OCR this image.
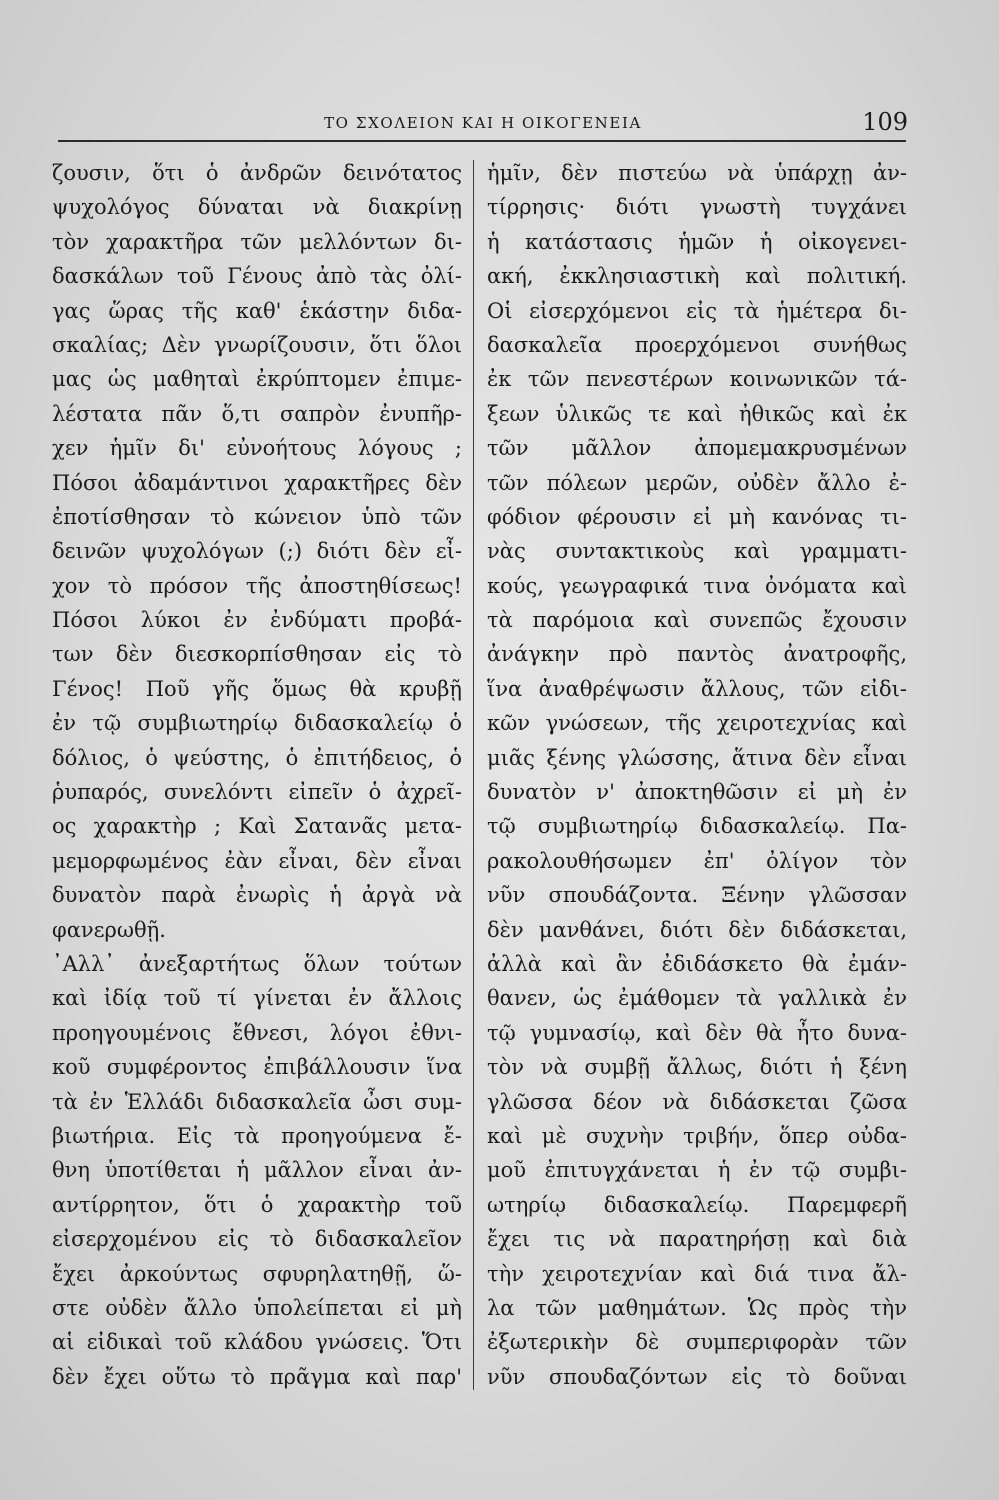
ΤΟ ΣΧΟΛΕΙΟΝ ΚΑΙ Η ΟΙΚΟΓΕΝΕΙΑ	109
ζουσιν, ὅτι ὁ ἀνδρῶν δεινότατος
ψυχολόγος δύναται νὰ διακρίνῃ
τὸν χαρακτῆρα τῶν μελλόντων δι-
δασκάλων τοῦ Γένους ἀπὸ τὰς ὀλί-
γας ὥρας τῆς καθ' ἑκάστην διδα-
σκαλίας; Δὲν γνωρίζουσιν, ὅτι ὅλοι
μας ὡς μαθηταὶ ἐκρύπτομεν ἐπιμε-
λέστατα πᾶν ὅ,τι σαπρὸν ἐνυπῆρ-
χεν ἡμῖν δι' εὐνοήτους λόγους ;
Πόσοι ἀδαμάντινοι χαρακτῆρες δὲν
ἐποτίσθησαν τὸ κώνειον ὑπὸ τῶν
δεινῶν ψυχολόγων (;) διότι δὲν εἶ-
χον τὸ πρόσον τῆς ἀποστηθίσεως!
Πόσοι λύκοι ἐν ἐνδύματι προβά-
των δὲν διεσκορπίσθησαν εἰς τὸ
Γένος! Ποῦ γῆς ὅμως θὰ κρυβῇ
ἐν τῷ συμβιωτηρίῳ διδασκαλείῳ ὁ
δόλιος, ὁ ψεύστης, ὁ ἐπιτήδειος, ὁ
ῥυπαρός, συνελόντι εἰπεῖν ὁ ἀχρεῖ-
ος χαρακτὴρ ; Καὶ Σατανᾶς μετα-
μεμορφωμένος ἐὰν εἶναι, δὲν εἶναι
δυνατὸν παρὰ ἐνωρὶς ἡ ἀργὰ νὰ
φανερωθῇ.
᾿Αλλ᾿ ἀνεξαρτήτως ὅλων τούτων
καὶ ἰδίᾳ τοῦ τί γίνεται ἐν ἄλλοις
προηγουμένοις ἔθνεσι, λόγοι ἐθνι-
κοῦ συμφέροντος ἐπιβάλλουσιν ἵνα
τὰ ἐν Ἑλλάδι διδασκαλεῖα ὦσι συμ-
βιωτήρια. Εἰς τὰ προηγούμενα ἔ-
θνη ὑποτίθεται ἡ μᾶλλον εἶναι ἀν-
αντίρρητον, ὅτι ὁ χαρακτὴρ τοῦ
εἰσερχομένου εἰς τὸ διδασκαλεῖον
ἔχει ἀρκούντως σφυρηλατηθῇ, ὥ-
στε οὐδὲν ἄλλο ὑπολείπεται εἰ μὴ
αἱ εἰδικαὶ τοῦ κλάδου γνώσεις. Ὅτι
δὲν ἔχει οὕτω τὸ πρᾶγμα καὶ παρ'
ἡμῖν, δὲν πιστεύω νὰ ὑπάρχῃ ἀν-
τίρρησις· διότι γνωστὴ τυγχάνει
ἡ κατάστασις ἡμῶν ἡ οἰκογενει-
ακή, ἐκκλησιαστικὴ καὶ πολιτική.
Οἱ εἰσερχόμενοι εἰς τὰ ἡμέτερα δι-
δασκαλεῖα προερχόμενοι συνήθως
ἐκ τῶν πενεστέρων κοινωνικῶν τά-
ξεων ὑλικῶς τε καὶ ἠθικῶς καὶ ἐκ
τῶν μᾶλλον ἀπομεμακρυσμένων
τῶν πόλεων μερῶν, οὐδὲν ἄλλο ἐ-
φόδιον φέρουσιν εἰ μὴ κανόνας τι-
νὰς συντακτικοὺς καὶ γραμματι-
κούς, γεωγραφικά τινα ὀνόματα καὶ
τὰ παρόμοια καὶ συνεπῶς ἔχουσιν
ἀνάγκην πρὸ παντὸς ἀνατροφῆς,
ἵνα ἀναθρέψωσιν ἄλλους, τῶν εἰδι-
κῶν γνώσεων, τῆς χειροτεχνίας καὶ
μιᾶς ξένης γλώσσης, ἅτινα δὲν εἶναι
δυνατὸν ν' ἀποκτηθῶσιν εἰ μὴ ἐν
τῷ συμβιωτηρίῳ διδασκαλείῳ. Πα-
ρακολουθήσωμεν ἐπ' ὀλίγον τὸν
νῦν σπουδάζοντα. Ξένην γλῶσσαν
δὲν μανθάνει, διότι δὲν διδάσκεται,
ἀλλὰ καὶ ἂν ἐδιδάσκετο θὰ ἐμάν-
θανεν, ὡς ἐμάθομεν τὰ γαλλικὰ ἐν
τῷ γυμνασίῳ, καὶ δὲν θὰ ἦτο δυνα-
τὸν νὰ συμβῇ ἄλλως, διότι ἡ ξένη
γλῶσσα δέον νὰ διδάσκεται ζῶσα
καὶ μὲ συχνὴν τριβήν, ὅπερ οὐδα-
μοῦ ἐπιτυγχάνεται ἡ ἐν τῷ συμβι-
ωτηρίῳ διδασκαλείῳ. Παρεμφερῆ
ἔχει τις νὰ παρατηρήσῃ καὶ διὰ
τὴν χειροτεχνίαν καὶ διά τινα ἄλ-
λα τῶν μαθημάτων. Ὡς πρὸς τὴν
ἐξωτερικὴν δὲ συμπεριφορὰν τῶν
νῦν σπουδαζόντων εἰς τὸ δοῦναι
